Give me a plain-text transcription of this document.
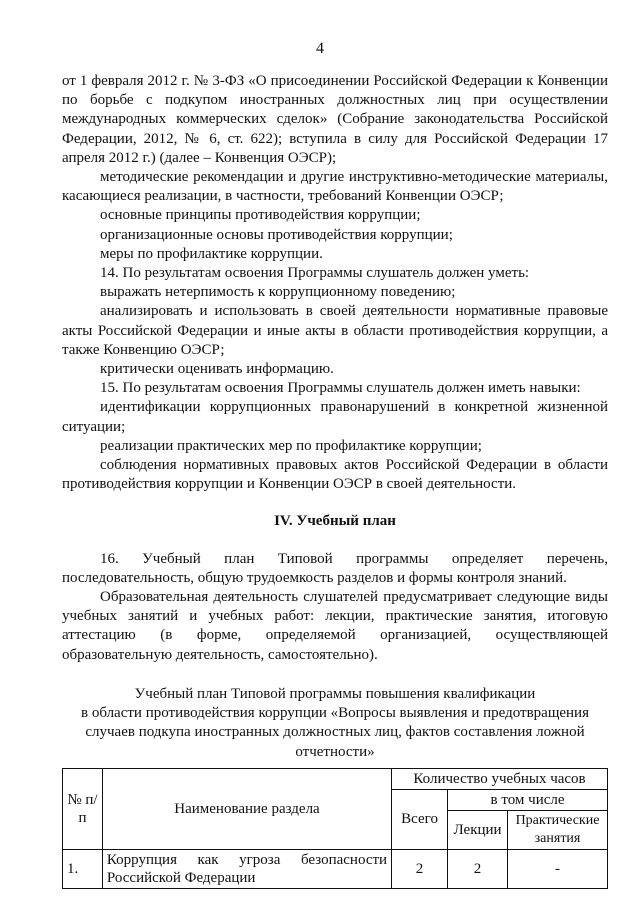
4

от 1 февраля 2012 г. № 3-ФЗ «О присоединении Российской Федерации к Конвенции по борьбе с подкупом иностранных должностных лиц при осуществлении международных коммерческих сделок» (Собрание законодательства Российской Федерации, 2012, № 6, ст. 622); вступила в силу для Российской Федерации 17 апреля 2012 г.) (далее – Конвенция ОЭСР);

методические рекомендации и другие инструктивно-методические материалы, касающиеся реализации, в частности, требований Конвенции ОЭСР;

основные принципы противодействия коррупции;

организационные основы противодействия коррупции;

меры по профилактике коррупции.

14. По результатам освоения Программы слушатель должен уметь:

выражать нетерпимость к коррупционному поведению;

анализировать и использовать в своей деятельности нормативные правовые акты Российской Федерации и иные акты в области противодействия коррупции, а также Конвенцию ОЭСР;

критически оценивать информацию.

15. По результатам освоения Программы слушатель должен иметь навыки:

идентификации коррупционных правонарушений в конкретной жизненной ситуации;

реализации практических мер по профилактике коррупции;

соблюдения нормативных правовых актов Российской Федерации в области противодействия коррупции и Конвенции ОЭСР в своей деятельности.

IV. Учебный план

16. Учебный план Типовой программы определяет перечень, последовательность, общую трудоемкость разделов и формы контроля знаний.

Образовательная деятельность слушателей предусматривает следующие виды учебных занятий и учебных работ: лекции, практические занятия, итоговую аттестацию (в форме, определяемой организацией, осуществляющей образовательную деятельность, самостоятельно).

Учебный план Типовой программы повышения квалификации

в области противодействия коррупции «Вопросы выявления и предотвращения

случаев подкупа иностранных должностных лиц, фактов составления ложной

отчетности»

№ п/п	Наименование раздела	Количество учебных часов		
		Всего	в том числе	
			Лекции	Практические занятия
1.	Коррупция как угроза безопасности Российской Федерации	2	2	-
